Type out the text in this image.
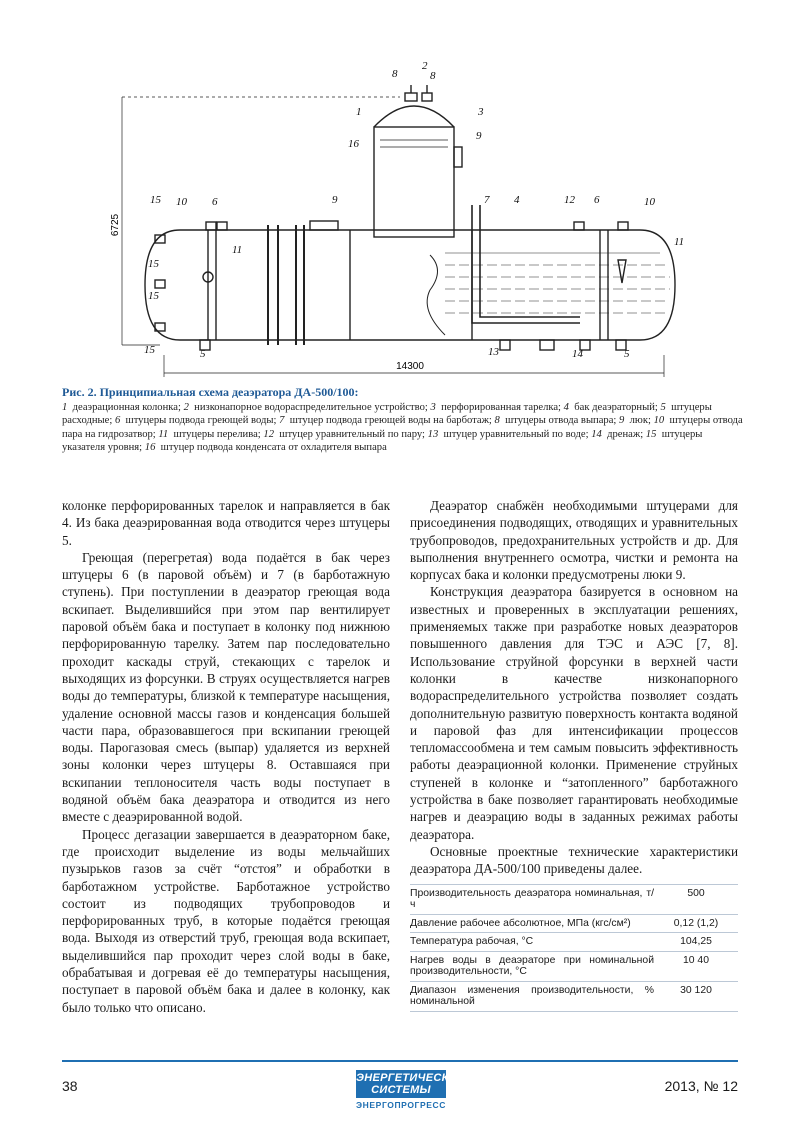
6725
14300
8
2
8
1	3
16
9
9
15 10 6
11
15
15
15	5
7 4	12 6	10
11
13	14	5
Рис. 2. Принципиальная схема деаэратора ДА-500/100:
1 деаэрационная колонка; 2 низконапорное водораспределительное устройство; 3 перфорированная тарелка; 4 бак деаэраторный; 5 штуцеры расходные; 6 штуцеры подвода греющей воды; 7 штуцер подвода греющей воды на барботаж; 8 штуцеры отвода выпара; 9 люк; 10 штуцеры отвода пара на гидрозатвор; 11 штуцеры перелива; 12 штуцер уравнительный по пару; 13 штуцер уравнительный по воде; 14 дренаж; 15 штуцеры указателя уровня; 16 штуцер подвода конденсата от охладителя выпара

колонке перфорированных тарелок и направляется в бак 4. Из бака деаэрированная вода отводится через штуцеры 5.

Греющая (перегретая) вода подаётся в бак через штуцеры 6 (в паровой объём) и 7 (в барботажную ступень). При поступлении в деаэратор греющая вода вскипает. Выделившийся при этом пар вентилирует паровой объём бака и поступает в колонку под нижнюю перфорированную тарелку. Затем пар последовательно проходит каскады струй, стекающих с тарелок и выходящих из форсунки. В струях осуществляется нагрев воды до температуры, близкой к температуре насыщения, удаление основной массы газов и конденсация большей части пара, образовавшегося при вскипании греющей воды. Парогазовая смесь (выпар) удаляется из верхней зоны колонки через штуцеры 8. Оставшаяся при вскипании теплоносителя часть воды поступает в водяной объём бака деаэратора и отводится из него вместе с деаэрированной водой.

Процесс дегазации завершается в деаэраторном баке, где происходит выделение из воды мельчайших пузырьков газов за счёт “отстоя” и обработки в барботажном устройстве. Барботажное устройство состоит из подводящих трубопроводов и перфорированных труб, в которые подаётся греющая вода. Выходя из отверстий труб, греющая вода вскипает, выделившийся пар проходит через слой воды в баке, обрабатывая и догревая её до температуры насыщения, поступает в паровой объём бака и далее в колонку, как было только что описано.

Деаэратор снабжён необходимыми штуцерами для присоединения подводящих, отводящих и уравнительных трубопроводов, предохранительных устройств и др. Для выполнения внутреннего осмотра, чистки и ремонта на корпусах бака и колонки предусмотрены люки 9.

Конструкция деаэратора базируется в основном на известных и проверенных в эксплуатации решениях, применяемых также при разработке новых деаэраторов повышенного давления для ТЭС и АЭС [7, 8]. Использование струйной форсунки в верхней части колонки в качестве низконапорного водораспределительного устройства позволяет создать дополнительную развитую поверхность контакта водяной и паровой фаз для интенсификации процессов тепломассообмена и тем самым повысить эффективность работы деаэрационной колонки. Применение струйных ступеней в колонке и “затопленного” барботажного устройства в баке позволяет гарантировать необходимые нагрев и деаэрацию воды в заданных режимах работы деаэратора.

Основные проектные технические характеристики деаэратора ДА-500/100 приведены далее.

Производительность деаэратора номинальная, т/ч	500
Давление рабочее абсолютное, МПа (кгс/см²)	0,12 (1,2)
Температура рабочая, °С	104,25
Нагрев воды в деаэраторе при номинальной производительности, °С	10 40
Диапазон изменения производительности, % номинальной	30 120
38	ЭНЕРГЕТИЧЕСКИЕ СИСТЕМЫ
ЭНЕРГОПРОГРЕСС
2013, № 12
